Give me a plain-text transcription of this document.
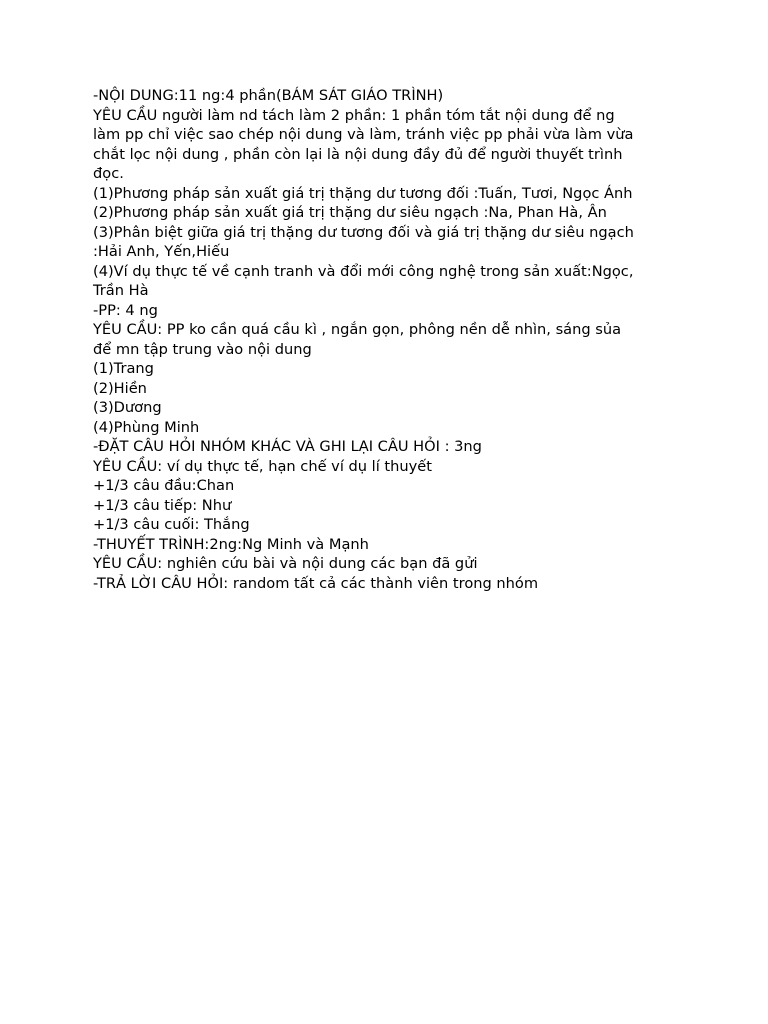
-NỘI DUNG:11 ng:4 phần(BÁM SÁT GIÁO TRÌNH)
YÊU CẦU người làm nd tách làm 2 phần: 1 phần tóm tắt nội dung để ng
làm pp chỉ việc sao chép nội dung và làm, tránh việc pp phải vừa làm vừa
chắt lọc nội dung , phần còn lại là nội dung đầy đủ để người thuyết trình
đọc.
(1)Phương pháp sản xuất giá trị thặng dư tương đối :Tuấn, Tươi, Ngọc Ánh
(2)Phương pháp sản xuất giá trị thặng dư siêu ngạch :Na, Phan Hà, Ân
(3)Phân biệt giữa giá trị thặng dư tương đối và giá trị thặng dư siêu ngạch
:Hải Anh, Yến,Hiếu
(4)Ví dụ thực tế về cạnh tranh và đổi mới công nghệ trong sản xuất:Ngọc,
Trần Hà
-PP: 4 ng
YÊU CẦU: PP ko cần quá cầu kì , ngắn gọn, phông nền dễ nhìn, sáng sủa
để mn tập trung vào nội dung
(1)Trang
(2)Hiền
(3)Dương
(4)Phùng Minh
-ĐẶT CÂU HỎI NHÓM KHÁC VÀ GHI LẠI CÂU HỎI : 3ng
YÊU CẦU: ví dụ thực tế, hạn chế ví dụ lí thuyết
+1/3 câu đầu:Chan
+1/3 câu tiếp: Như
+1/3 câu cuối: Thắng
-THUYẾT TRÌNH:2ng:Ng Minh và Mạnh
YÊU CẦU: nghiên cứu bài và nội dung các bạn đã gửi
-TRẢ LỜI CÂU HỎI: random tất cả các thành viên trong nhóm
